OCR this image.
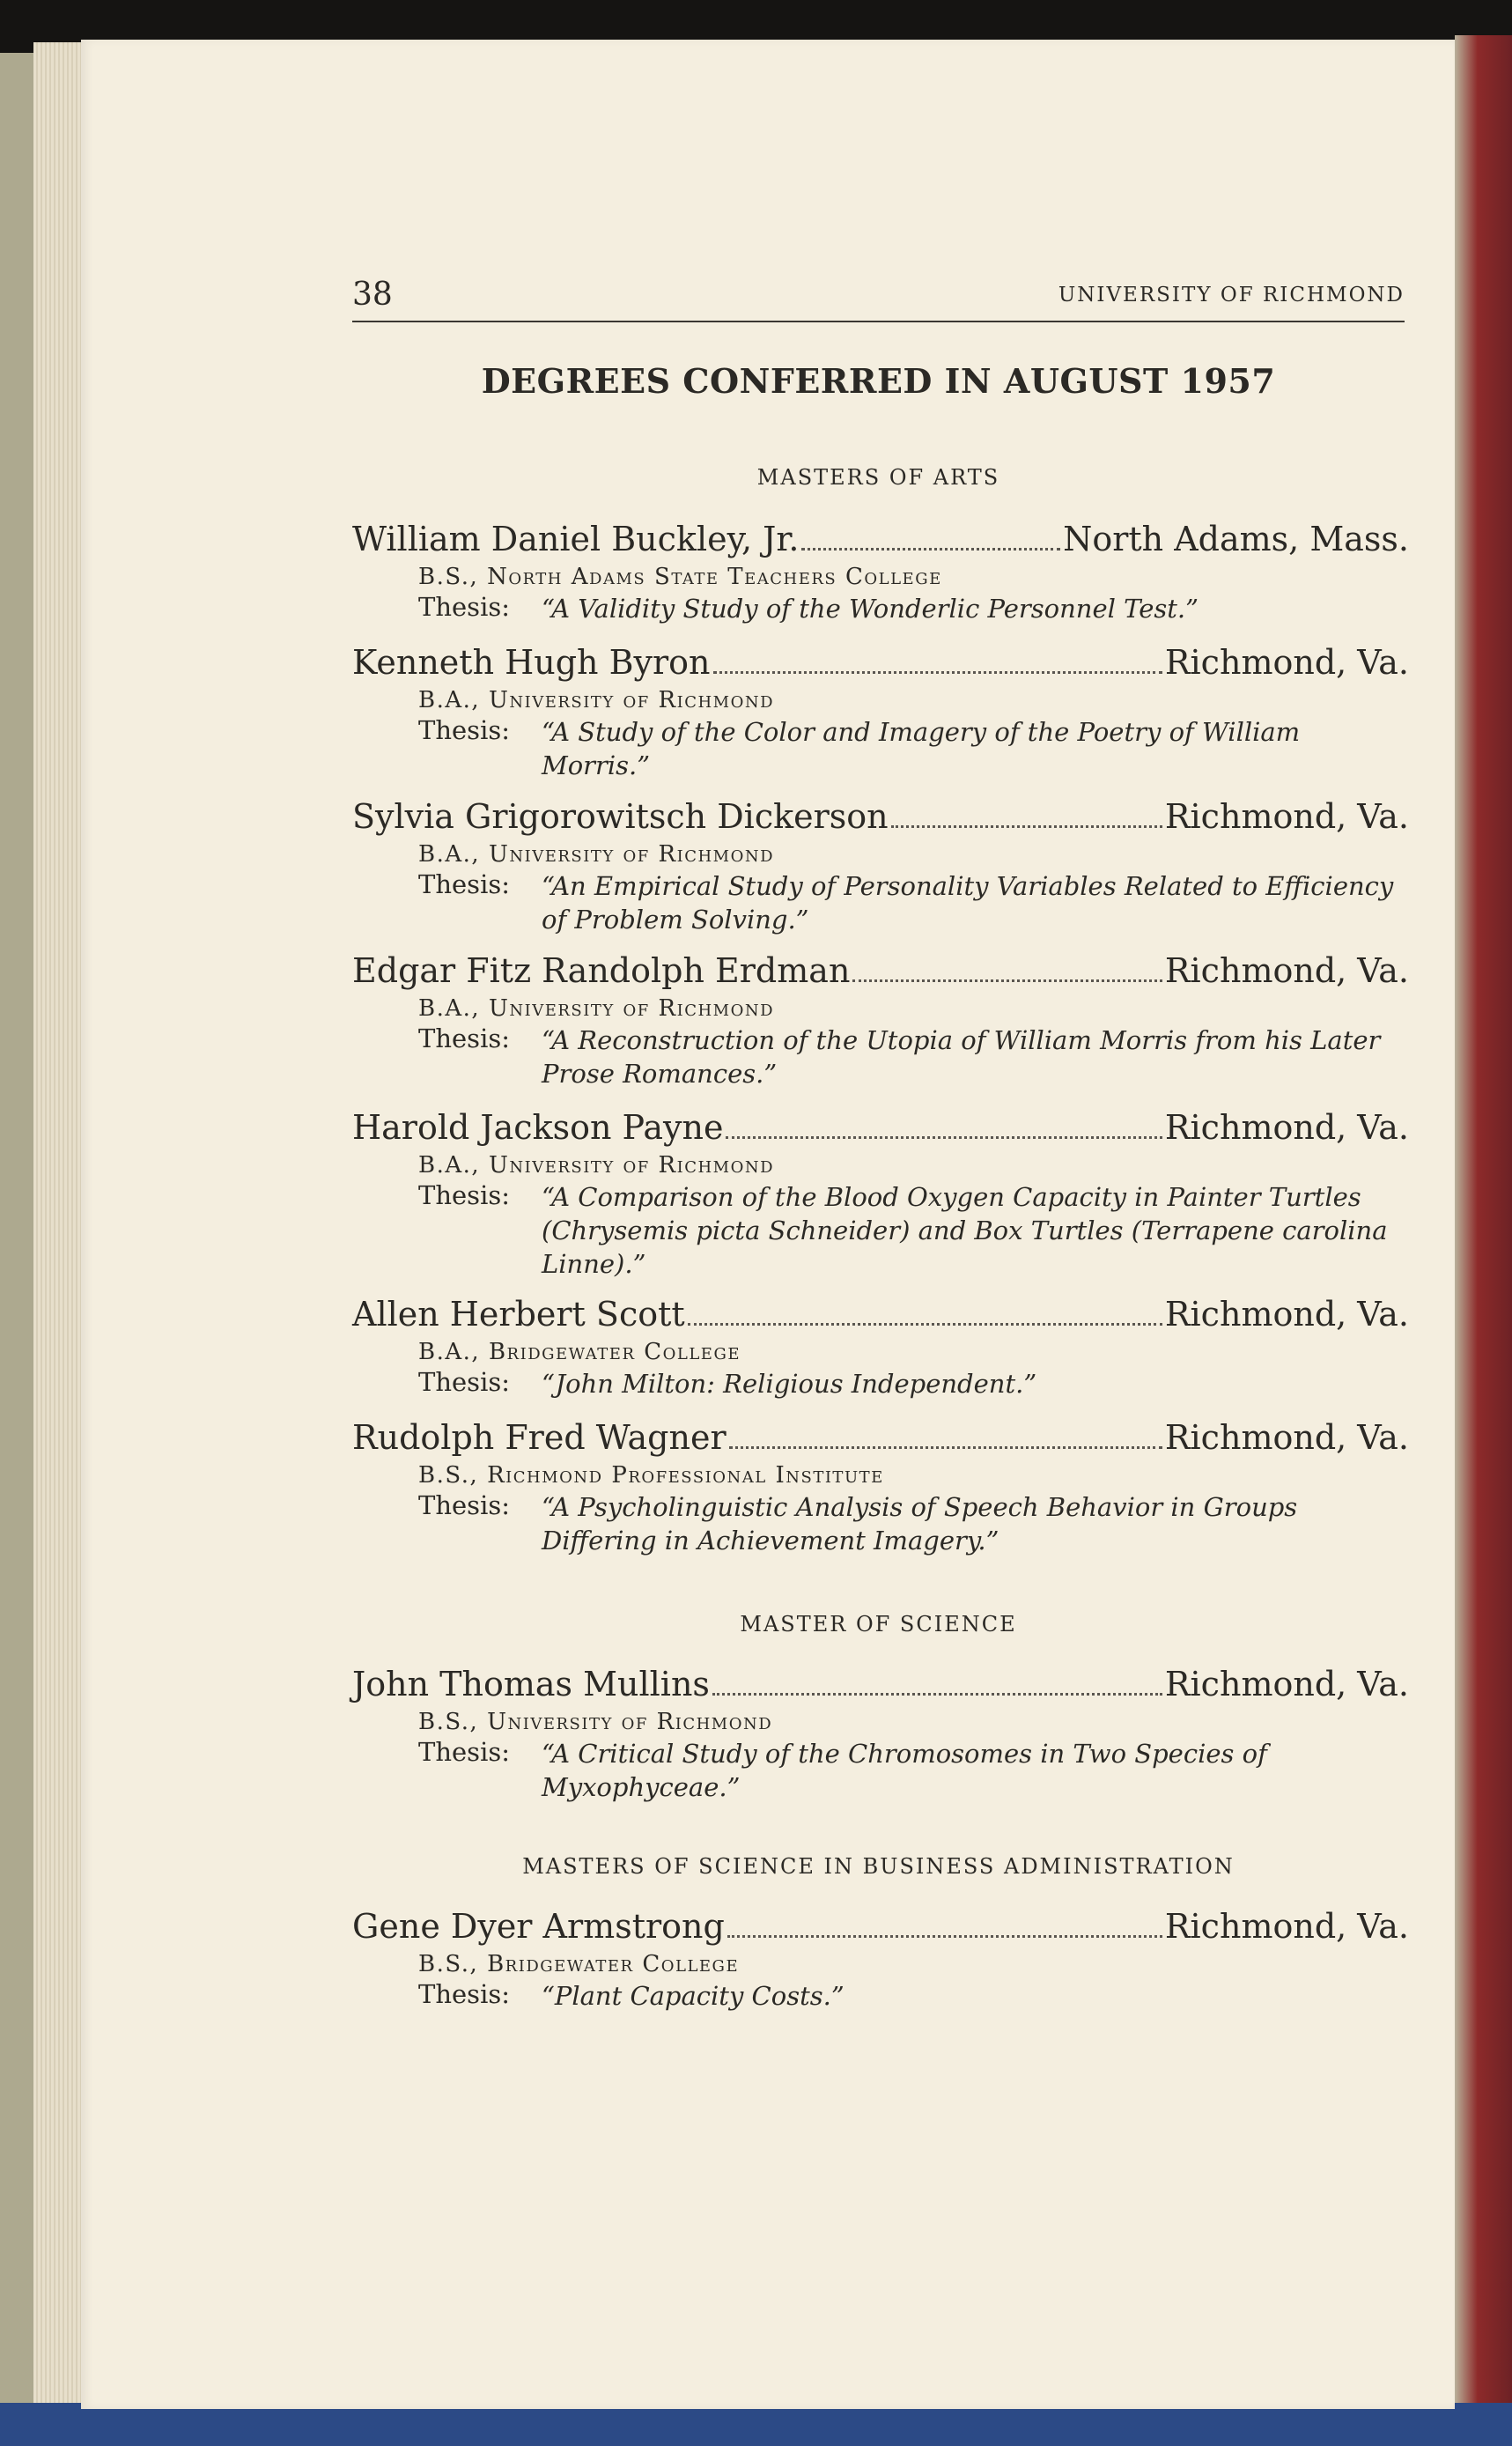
38	UNIVERSITY OF RICHMOND
DEGREES CONFERRED IN AUGUST 1957
MASTERS OF ARTS
William Daniel Buckley, Jr.	North Adams, Mass.
B.S., North Adams State Teachers College
Thesis:	“A Validity Study of the Wonderlic Personnel Test.”
Kenneth Hugh Byron	Richmond, Va.
B.A., University of Richmond
Thesis:	“A Study of the Color and Imagery of the Poetry of William Morris.”
Sylvia Grigorowitsch Dickerson	Richmond, Va.
B.A., University of Richmond
Thesis:	“An Empirical Study of Personality Variables Related to Efficiency of Problem Solving.”
Edgar Fitz Randolph Erdman	Richmond, Va.
B.A., University of Richmond
Thesis:	“A Reconstruction of the Utopia of William Morris from his Later Prose Romances.”
Harold Jackson Payne	Richmond, Va.
B.A., University of Richmond
Thesis:	“A Comparison of the Blood Oxygen Capacity in Painter Turtles (Chrysemis picta Schneider) and Box Turtles (Terrapene carolina Linne).”
Allen Herbert Scott	Richmond, Va.
B.A., Bridgewater College
Thesis:	“John Milton: Religious Independent.”
Rudolph Fred Wagner	Richmond, Va.
B.S., Richmond Professional Institute
Thesis:	“A Psycholinguistic Analysis of Speech Behavior in Groups Differing in Achievement Imagery.”
MASTER OF SCIENCE
John Thomas Mullins	Richmond, Va.
B.S., University of Richmond
Thesis:	“A Critical Study of the Chromosomes in Two Species of Myxophyceae.”
MASTERS OF SCIENCE IN BUSINESS ADMINISTRATION
Gene Dyer Armstrong	Richmond, Va.
B.S., Bridgewater College
Thesis:	“Plant Capacity Costs.”
